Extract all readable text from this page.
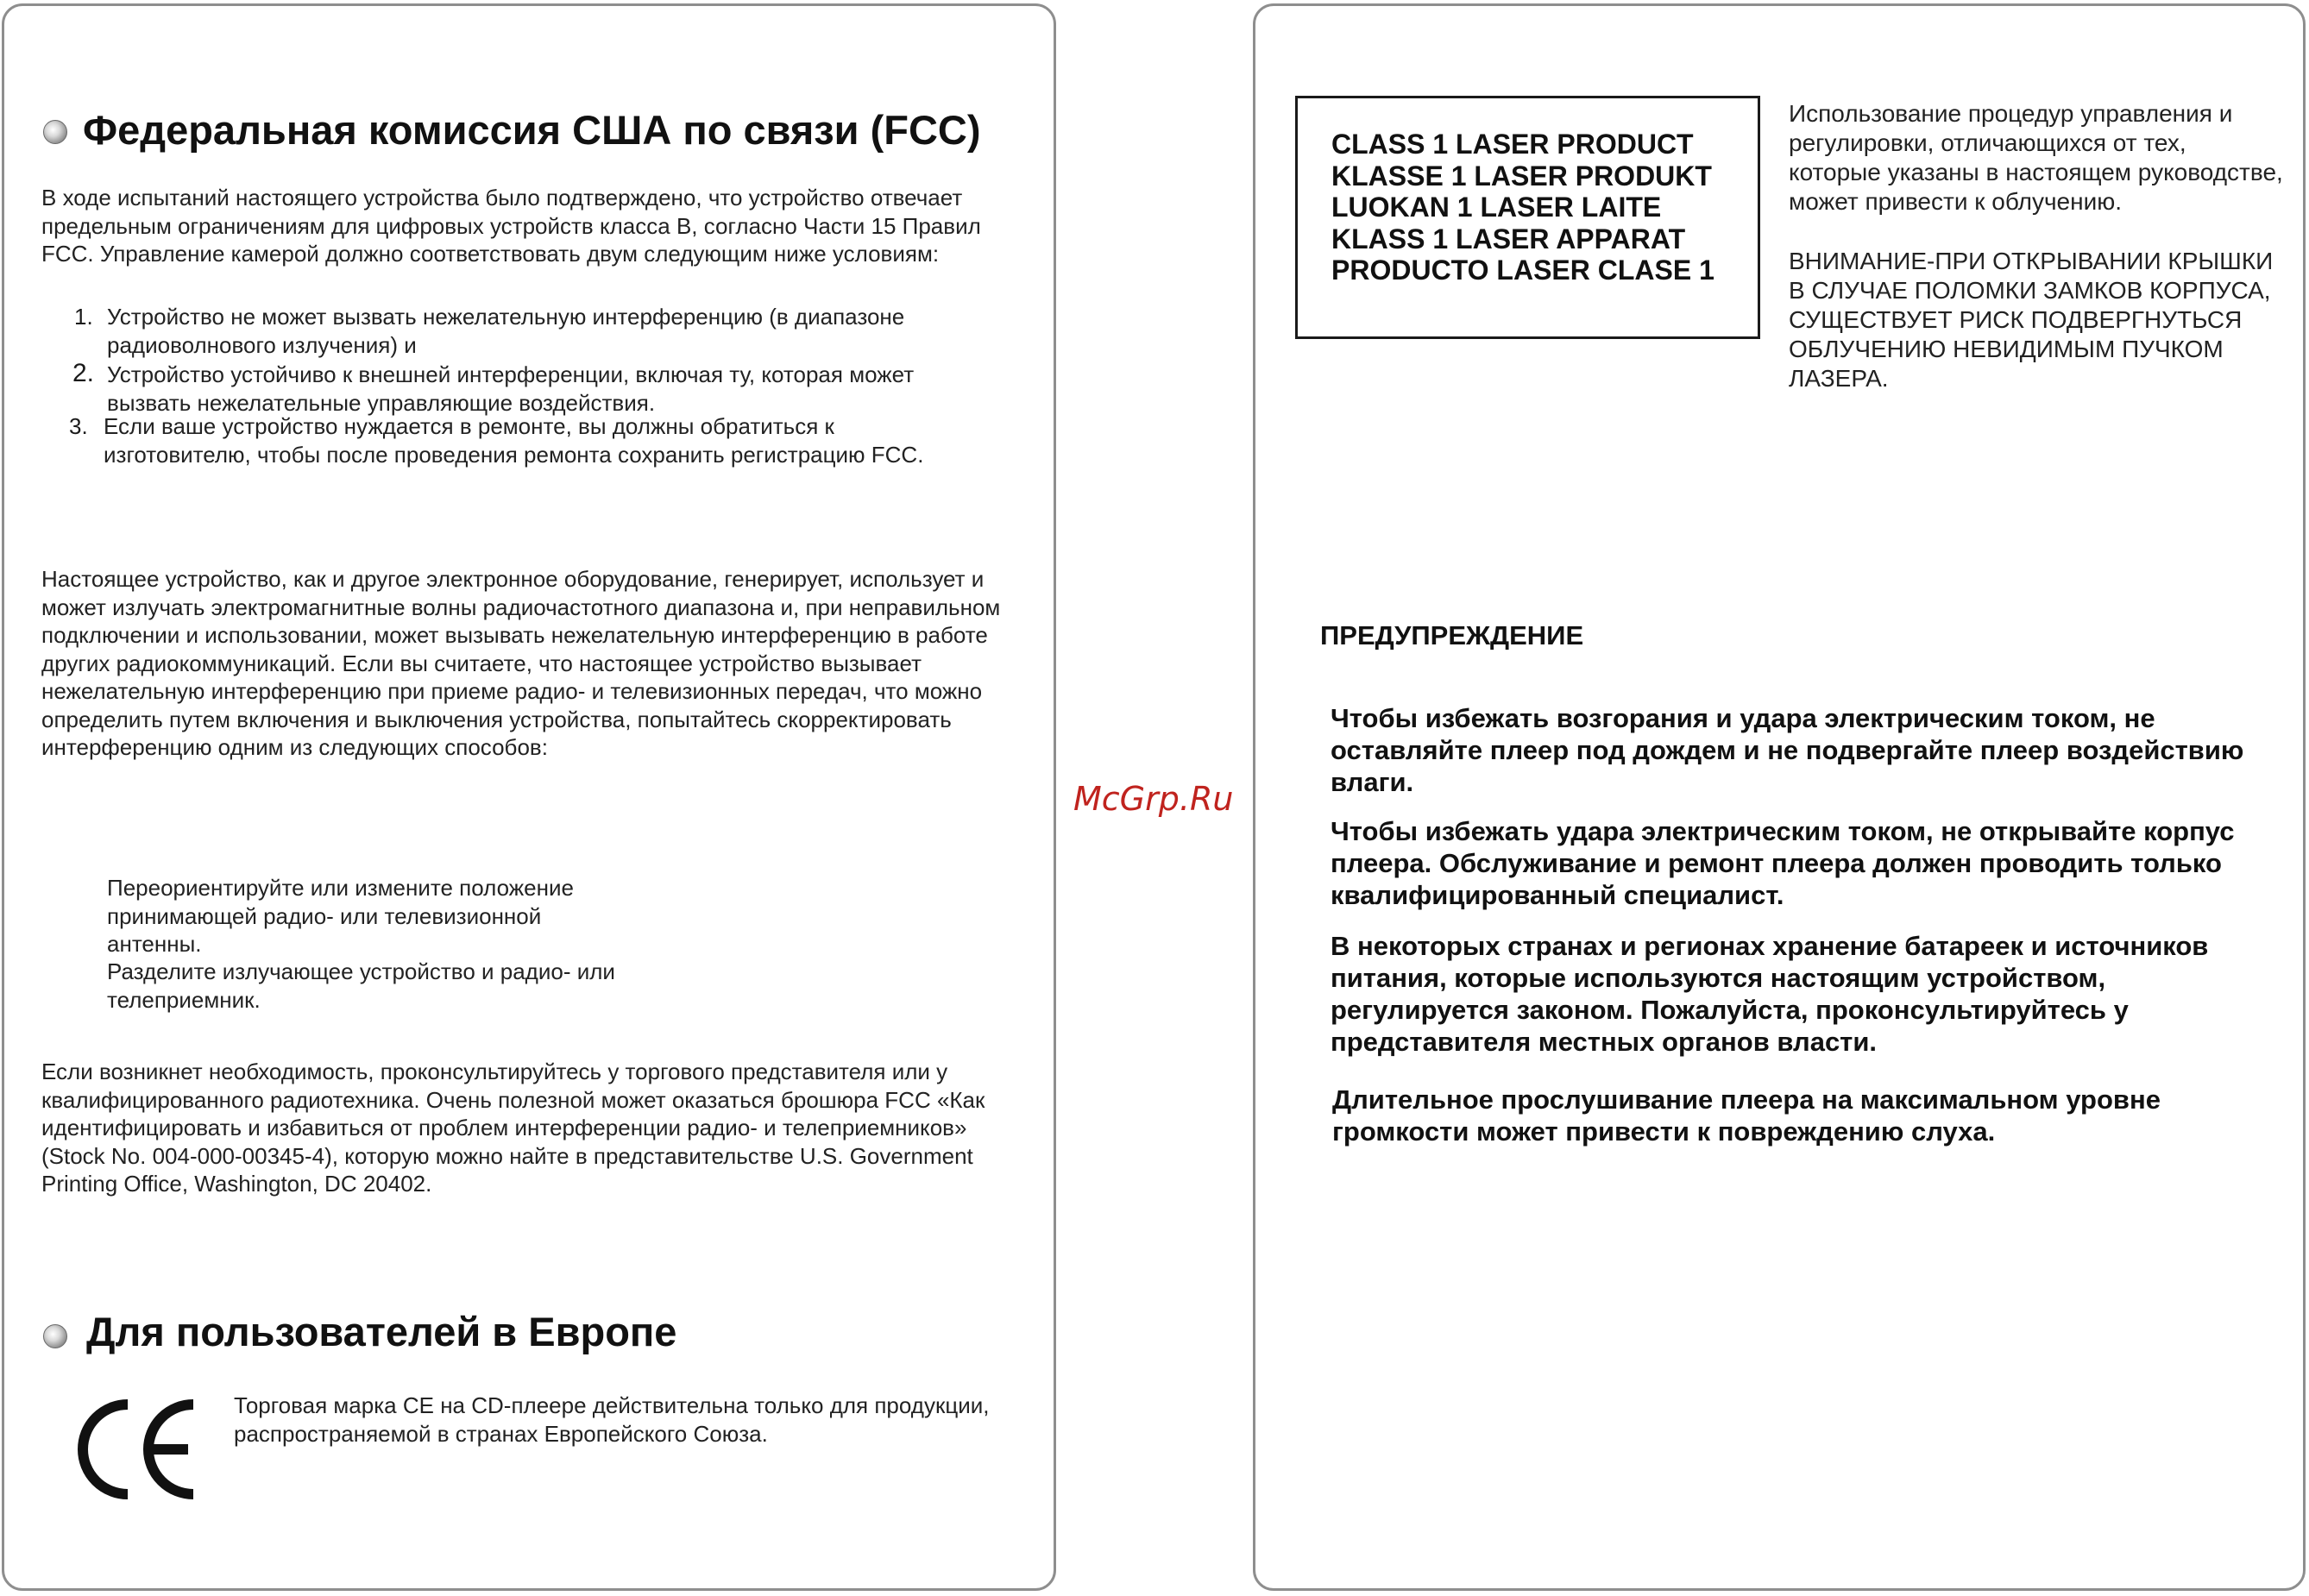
Федеральная комиссия США по связи (FCC)
В ходе испытаний настоящего устройства было подтверждено, что устройство отвечает предельным ограничениям для цифровых устройств класса B, согласно Части 15 Правил FCC. Управление камерой должно соответствовать двум следующим ниже условиям:
1. Устройство не может вызвать нежелательную интерференцию (в диапазоне радиоволнового излучения) и
2. Устройство устойчиво к внешней интерференции, включая ту, которая может вызвать нежелательные управляющие воздействия.
3. Если ваше устройство нуждается в ремонте, вы должны обратиться к изготовителю, чтобы после проведения ремонта сохранить регистрацию FCC.
Настоящее устройство, как и другое электронное оборудование, генерирует, использует и может излучать электромагнитные волны радиочастотного диапазона и, при неправильном подключении и использовании, может вызывать нежелательную интерференцию в работе других радиокоммуникаций. Если вы считаете, что настоящее устройство вызывает нежелательную интерференцию при приеме радио- и телевизионных передач, что можно определить путем включения и выключения устройства, попытайтесь скорректировать интерференцию одним из следующих способов:
Переориентируйте или измените положение принимающей радио- или телевизионной антенны.
Разделите излучающее устройство и радио- или телеприемник.
Если возникнет необходимость, проконсультируйтесь у торгового представителя или у квалифицированного радиотехника. Очень полезной может оказаться брошюра FCC «Как идентифицировать и избавиться от проблем интерференции радио- и телеприемников» (Stock No. 004-000-00345-4), которую можно найте в представительстве U.S. Government Printing Office, Washington, DC 20402.
Для пользователей в Европе
Торговая марка CE на CD-плеере действительна только для продукции, распространяемой в странах Европейского Союза.
McGrp.Ru
CLASS 1 LASER PRODUCT
KLASSE 1 LASER PRODUKT
LUOKAN 1 LASER LAITE
KLASS 1 LASER APPARAT
PRODUCTO LASER CLASE 1
Использование процедур управления и регулировки, отличающихся от тех, которые указаны в настоящем руководстве, может привести к облучению.
ВНИМАНИЕ-ПРИ ОТКРЫВАНИИ КРЫШКИ В СЛУЧАЕ ПОЛОМКИ ЗАМКОВ КОРПУСА, СУЩЕСТВУЕТ РИСК ПОДВЕРГНУТЬСЯ ОБЛУЧЕНИЮ НЕВИДИМЫМ ПУЧКОМ ЛАЗЕРА.
ПРЕДУПРЕЖДЕНИЕ
Чтобы избежать возгорания и удара электрическим током, не оставляйте плеер под дождем и не подвергайте плеер воздействию влаги.
Чтобы избежать удара электрическим током, не открывайте корпус плеера. Обслуживание и ремонт плеера должен проводить только квалифицированный специалист.
В некоторых странах и регионах хранение батареек и источников питания, которые используются настоящим устройством, регулируется законом. Пожалуйста, проконсультируйтесь у представителя местных органов власти.
Длительное прослушивание плеера на максимальном уровне громкости может привести к повреждению слуха.
